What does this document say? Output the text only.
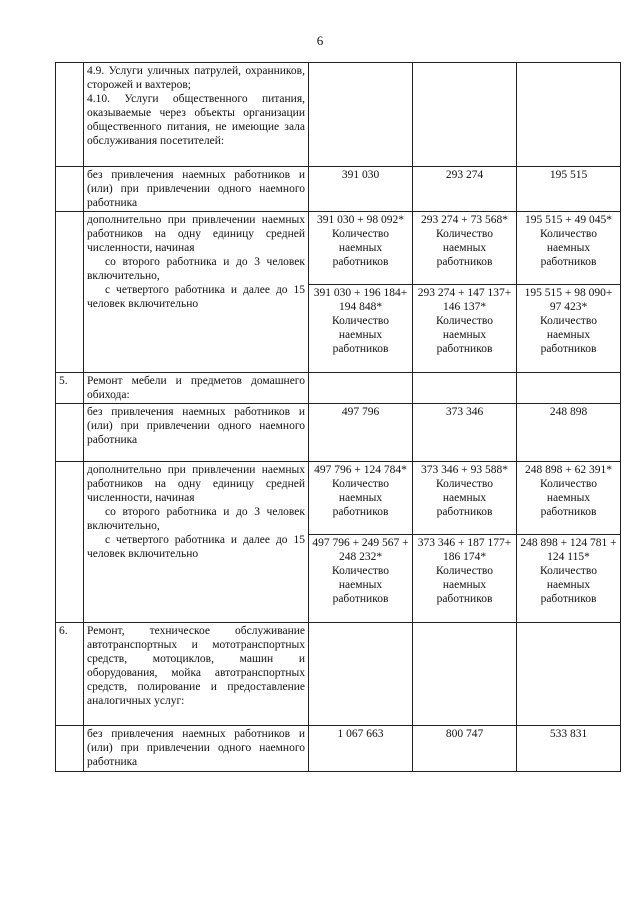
6

	4.9. Услуги уличных патрулей, охранников, сторожей и вахтеров;
4.10. Услуги общественного питания, оказываемые через объекты организации общественного питания, не имеющие зала обслуживания посетителей:			

	без привлечения наемных работников и (или) при привлечении одного наемного работника	391 030	293 274	195 515

	дополнительно при привлечении наемных работников на одну единицу средней численности, начиная
со второго работника и до 3 человек включительно,
с четвертого работника и далее до 15 человек включительно	391 030 + 98 092* Количество наемных работников	293 274 + 73 568* Количество наемных работников	195 515 + 49 045* Количество наемных работников
		391 030 + 196 184+ 194 848* Количество наемных работников	293 274 + 147 137+ 146 137* Количество наемных работников	195 515 + 98 090+ 97 423* Количество наемных работников
5.	Ремонт мебели и предметов домашнего обихода:			
	без привлечения наемных работников и (или) при привлечении одного наемного работника	497 796	373 346	248 898

	дополнительно при привлечении наемных работников на одну единицу средней численности, начиная
со второго работника и до 3 человек включительно,
с четвертого работника и далее до 15 человек включительно	497 796 + 124 784* Количество наемных работников	373 346 + 93 588* Количество наемных работников	248 898 + 62 391* Количество наемных работников
		497 796 + 249 567 + 248 232* Количество наемных работников	373 346 + 187 177+ 186 174* Количество наемных работников	248 898 + 124 781 + 124 115* Количество наемных работников
6.	Ремонт, техническое обслуживание автотранспортных и мототранспортных средств, мотоциклов, машин и оборудования, мойка автотранспортных средств, полирование и предоставление аналогичных услуг:			
	без привлечения наемных работников и (или) при привлечении одного наемного работника	1 067 663	800 747	533 831
